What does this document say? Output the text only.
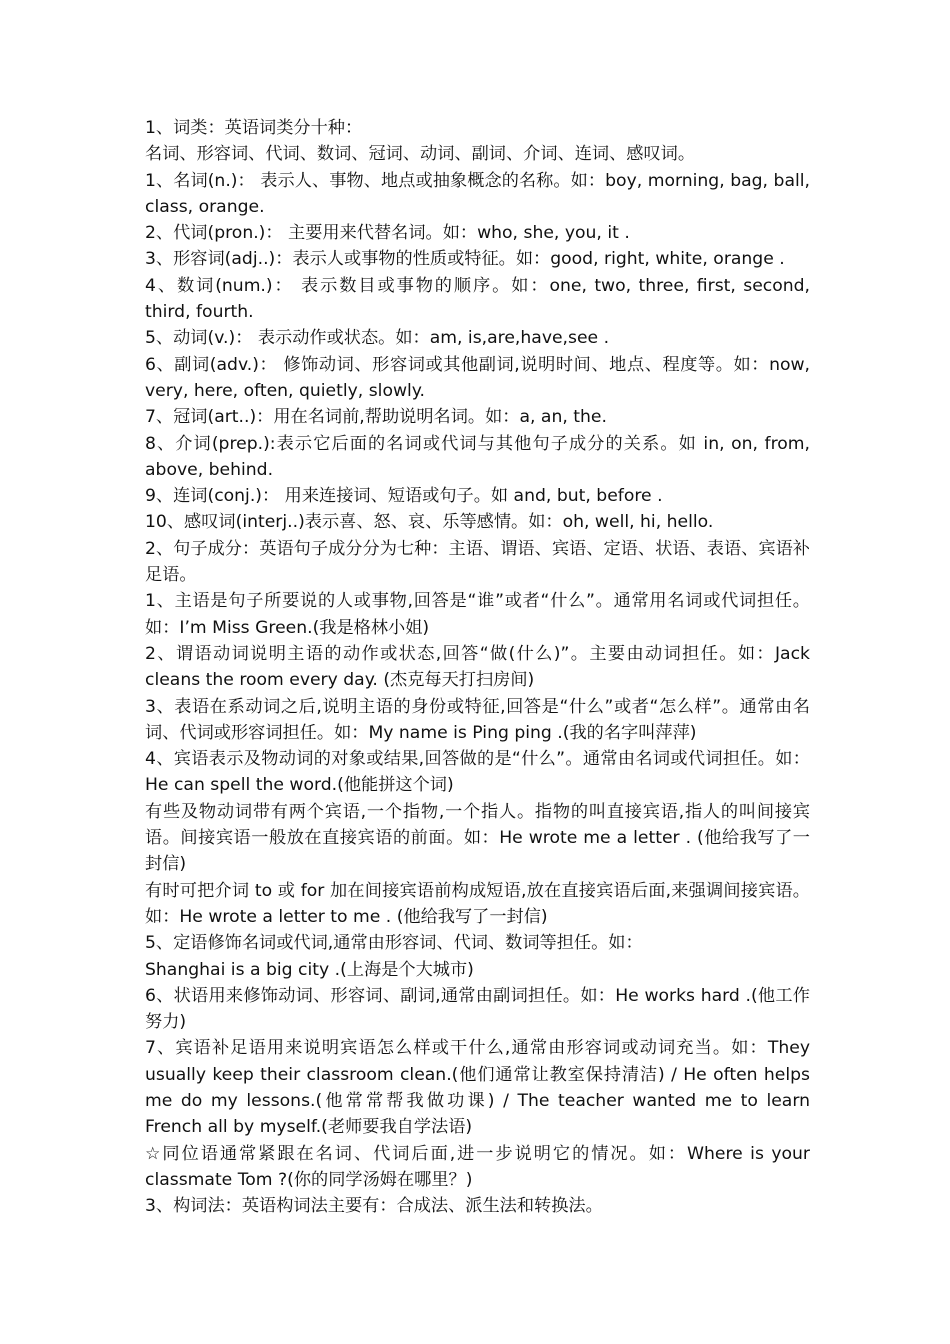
1、词类：英语词类分十种：

名词、形容词、代词、数词、冠词、动词、副词、介词、连词、感叹词。

1、名词(n.)： 表示人、事物、地点或抽象概念的名称。如：boy, morning, bag, ball, class, orange.

2、代词(pron.)： 主要用来代替名词。如：who, she, you, it .

3、形容词(adj..)：表示人或事物的性质或特征。如：good, right, white, orange .

4、数词(num.)： 表示数目或事物的顺序。如：one, two, three, first, second, third, fourth.

5、动词(v.)： 表示动作或状态。如：am, is,are,have,see .

6、副词(adv.)： 修饰动词、形容词或其他副词,说明时间、地点、程度等。如：now, very, here, often, quietly, slowly.

7、冠词(art..)：用在名词前,帮助说明名词。如：a, an, the.

8、介词(prep.):表示它后面的名词或代词与其他句子成分的关系。如 in, on, from, above, behind.

9、连词(conj.)： 用来连接词、短语或句子。如 and, but, before .

10、感叹词(interj..)表示喜、怒、哀、乐等感情。如：oh, well, hi, hello.

2、句子成分：英语句子成分分为七种：主语、谓语、宾语、定语、状语、表语、宾语补足语。

1、主语是句子所要说的人或事物,回答是“谁”或者“什么”。通常用名词或代词担任。如：I’m Miss Green.(我是格林小姐)

2、谓语动词说明主语的动作或状态,回答“做(什么)”。主要由动词担任。如：Jack cleans the room every day. (杰克每天打扫房间)

3、表语在系动词之后,说明主语的身份或特征,回答是“什么”或者“怎么样”。通常由名词、代词或形容词担任。如：My name is Ping ping .(我的名字叫萍萍)

4、宾语表示及物动词的对象或结果,回答做的是“什么”。通常由名词或代词担任。如：He can spell the word.(他能拼这个词)

有些及物动词带有两个宾语,一个指物,一个指人。指物的叫直接宾语,指人的叫间接宾语。间接宾语一般放在直接宾语的前面。如：He wrote me a letter . (他给我写了一封信)

有时可把介词 to 或 for 加在间接宾语前构成短语,放在直接宾语后面,来强调间接宾语。如：He wrote a letter to me . (他给我写了一封信)

5、定语修饰名词或代词,通常由形容词、代词、数词等担任。如：

Shanghai is a big city .(上海是个大城市)

6、状语用来修饰动词、形容词、副词,通常由副词担任。如：He works hard .(他工作努力)

7、宾语补足语用来说明宾语怎么样或干什么,通常由形容词或动词充当。如：They usually keep their classroom clean.(他们通常让教室保持清洁) / He often helps me do my lessons.(他常常帮我做功课) / The teacher wanted me to learn French all by myself.(老师要我自学法语)

☆同位语通常紧跟在名词、代词后面,进一步说明它的情况。如：Where is your classmate Tom ?(你的同学汤姆在哪里？)

3、构词法：英语构词法主要有：合成法、派生法和转换法。
